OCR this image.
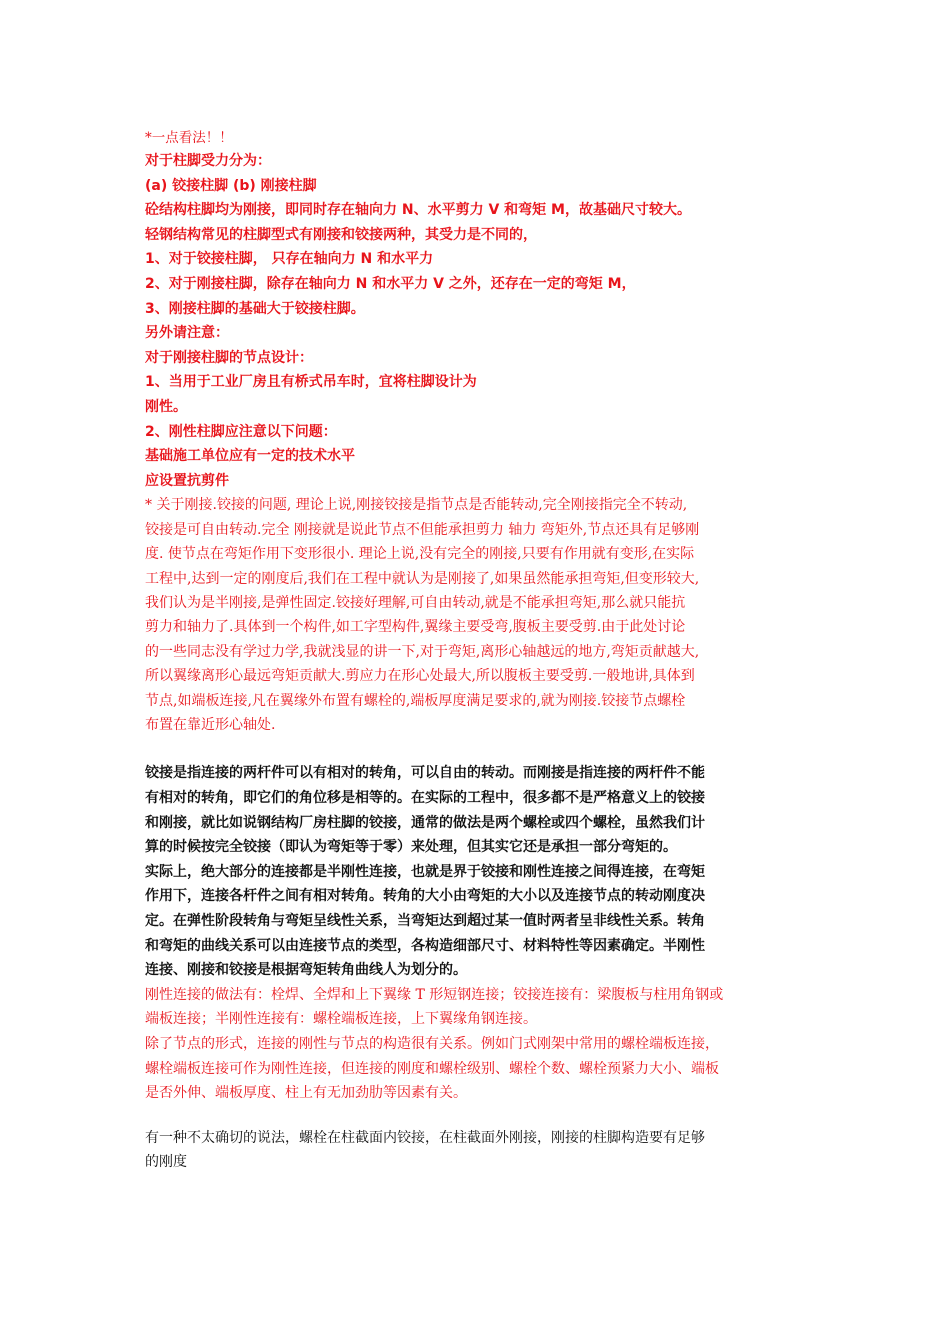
*一点看法！！

对于柱脚受力分为：

(a) 铰接柱脚 (b) 刚接柱脚

砼结构柱脚均为刚接，即同时存在轴向力 N、水平剪力 V 和弯矩 M，故基础尺寸较大。

轻钢结构常见的柱脚型式有刚接和铰接两种，其受力是不同的，

1、对于铰接柱脚， 只存在轴向力 N 和水平力

2、对于刚接柱脚，除存在轴向力 N 和水平力 V 之外，还存在一定的弯矩 M，

3、刚接柱脚的基础大于铰接柱脚。

另外请注意：

对于刚接柱脚的节点设计：

1、当用于工业厂房且有桥式吊车时，宜将柱脚设计为

刚性。

2、刚性柱脚应注意以下问题：

基础施工单位应有一定的技术水平

应设置抗剪件

* 关于刚接.铰接的问题, 理论上说,刚接铰接是指节点是否能转动,完全刚接指完全不转动,

铰接是可自由转动.完全 刚接就是说此节点不但能承担剪力 轴力 弯矩外,节点还具有足够刚

度. 使节点在弯矩作用下变形很小. 理论上说,没有完全的刚接,只要有作用就有变形,在实际

工程中,达到一定的刚度后,我们在工程中就认为是刚接了,如果虽然能承担弯矩,但变形较大,

我们认为是半刚接,是弹性固定.铰接好理解,可自由转动,就是不能承担弯矩,那么就只能抗

剪力和轴力了.具体到一个构件,如工字型构件,翼缘主要受弯,腹板主要受剪.由于此处讨论

的一些同志没有学过力学,我就浅显的讲一下,对于弯矩,离形心轴越远的地方,弯矩贡献越大,

所以翼缘离形心最远弯矩贡献大.剪应力在形心处最大,所以腹板主要受剪.一般地讲,具体到

节点,如端板连接,凡在翼缘外布置有螺栓的,端板厚度满足要求的,就为刚接.铰接节点螺栓

布置在靠近形心轴处.

铰接是指连接的两杆件可以有相对的转角，可以自由的转动。而刚接是指连接的两杆件不能

有相对的转角，即它们的角位移是相等的。在实际的工程中，很多都不是严格意义上的铰接

和刚接，就比如说钢结构厂房柱脚的铰接，通常的做法是两个螺栓或四个螺栓，虽然我们计

算的时候按完全铰接（即认为弯矩等于零）来处理，但其实它还是承担一部分弯矩的。

实际上，绝大部分的连接都是半刚性连接，也就是界于铰接和刚性连接之间得连接，在弯矩

作用下，连接各杆件之间有相对转角。转角的大小由弯矩的大小以及连接节点的转动刚度决

定。在弹性阶段转角与弯矩呈线性关系，当弯矩达到超过某一值时两者呈非线性关系。转角

和弯矩的曲线关系可以由连接节点的类型，各构造细部尺寸、材料特性等因素确定。半刚性

连接、刚接和铰接是根据弯矩转角曲线人为划分的。

刚性连接的做法有：栓焊、全焊和上下翼缘 T 形短钢连接；铰接连接有：梁腹板与柱用角钢或

端板连接；半刚性连接有：螺栓端板连接，上下翼缘角钢连接。

除了节点的形式，连接的刚性与节点的构造很有关系。例如门式刚架中常用的螺栓端板连接，

螺栓端板连接可作为刚性连接，但连接的刚度和螺栓级别、螺栓个数、螺栓预紧力大小、端板

是否外伸、端板厚度、柱上有无加劲肋等因素有关。

有一种不太确切的说法，螺栓在柱截面内铰接，在柱截面外刚接，刚接的柱脚构造要有足够

的刚度
